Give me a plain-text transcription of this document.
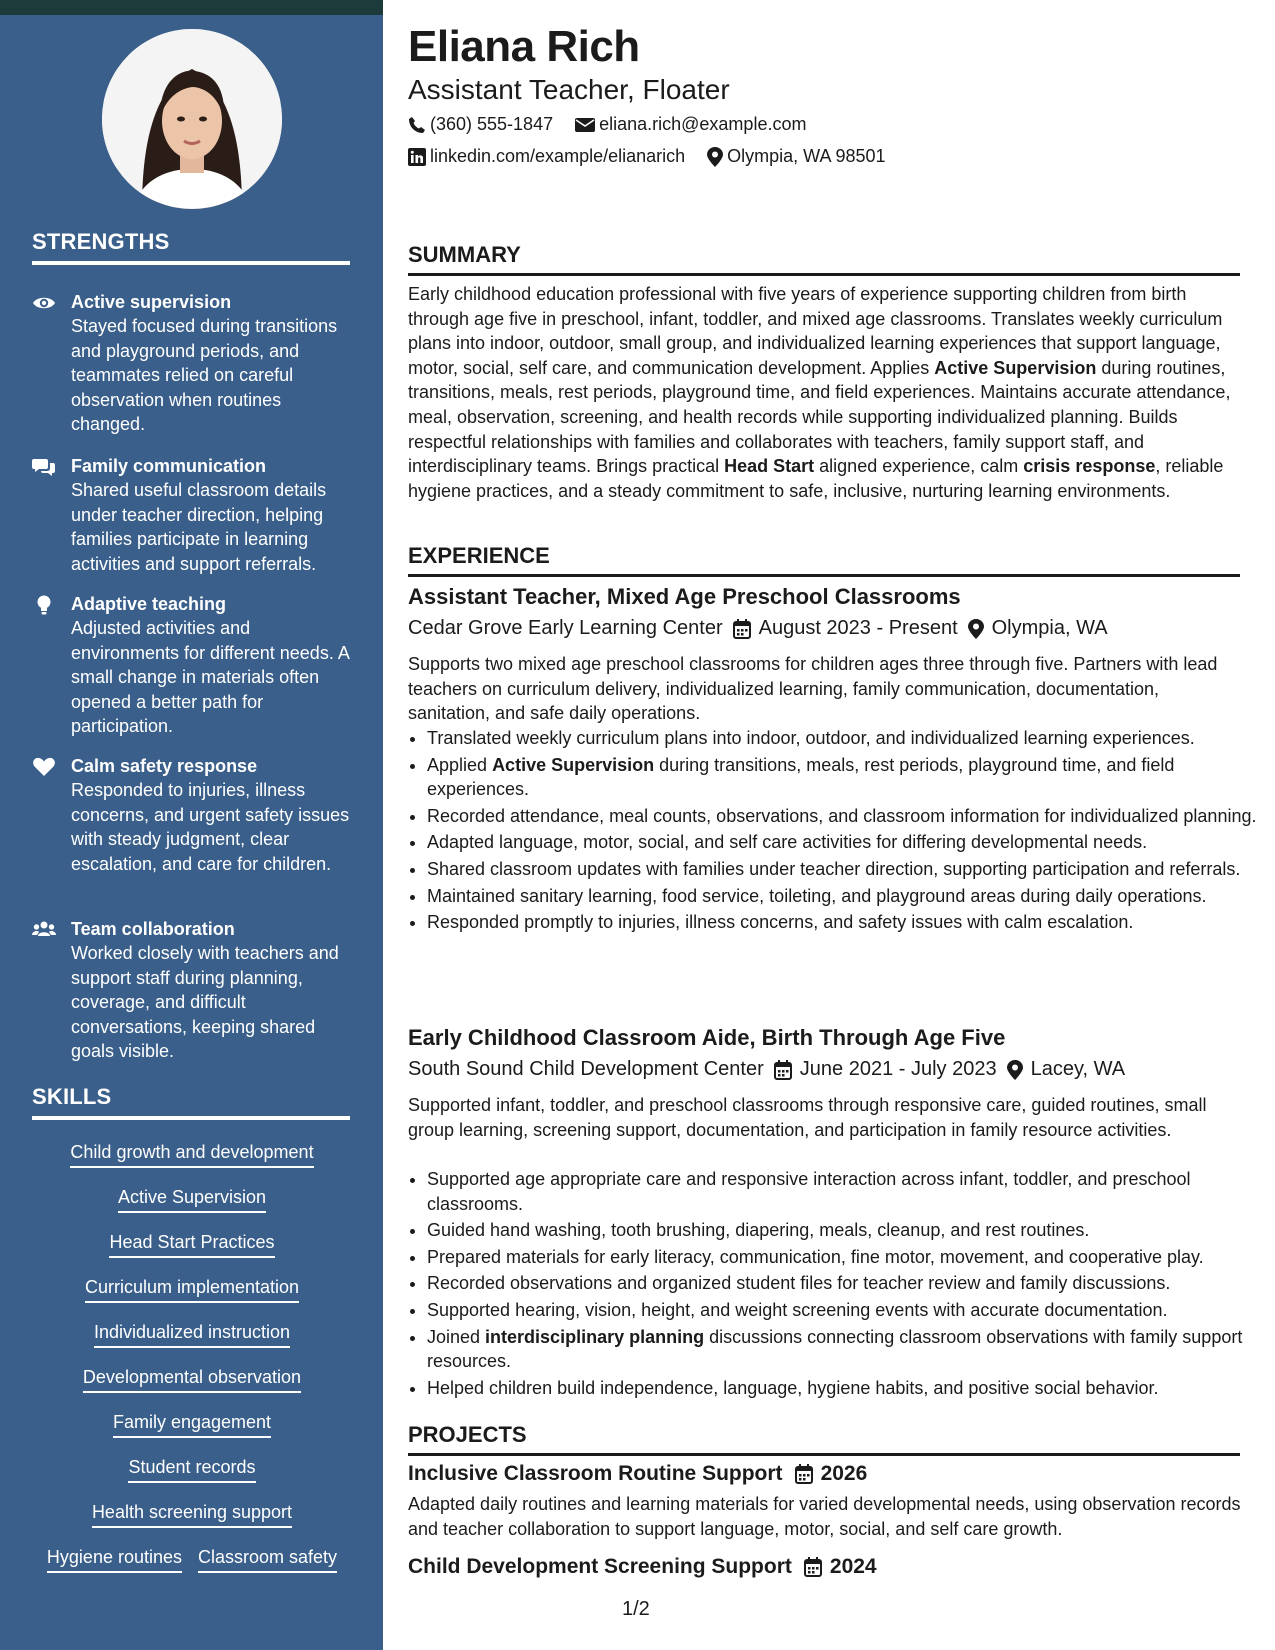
STRENGTHS
Active supervision
Stayed focused during transitions and playground periods, and teammates relied on careful observation when routines changed.
Family communication
Shared useful classroom details under teacher direction, helping families participate in learning activities and support referrals.
Adaptive teaching
Adjusted activities and environments for different needs. A small change in materials often opened a better path for participation.
Calm safety response
Responded to injuries, illness concerns, and urgent safety issues with steady judgment, clear escalation, and care for children.
Team collaboration
Worked closely with teachers and support staff during planning, coverage, and difficult conversations, keeping shared goals visible.
SKILLS
Child growth and development
Active Supervision
Head Start Practices
Curriculum implementation
Individualized instruction
Developmental observation
Family engagement
Student records
Health screening support
Hygiene routines Classroom safety
Eliana Rich
Assistant Teacher, Floater
(360) 555-1847	eliana.rich@example.com
linkedin.com/example/elianarich Olympia, WA 98501
SUMMARY
Early childhood education professional with five years of experience supporting children from birth through age five in preschool, infant, toddler, and mixed age classrooms. Translates weekly curriculum plans into indoor, outdoor, small group, and individualized learning experiences that support language, motor, social, self care, and communication development. Applies Active Supervision during routines, transitions, meals, rest periods, playground time, and field experiences. Maintains accurate attendance, meal, observation, screening, and health records while supporting individualized planning. Builds respectful relationships with families and collaborates with teachers, family support staff, and interdisciplinary teams. Brings practical Head Start aligned experience, calm crisis response, reliable hygiene practices, and a steady commitment to safe, inclusive, nurturing learning environments.
EXPERIENCE
Assistant Teacher, Mixed Age Preschool Classrooms
Cedar Grove Early Learning Center August 2023 - Present Olympia, WA
Supports two mixed age preschool classrooms for children ages three through five. Partners with lead teachers on curriculum delivery, individualized learning, family communication, documentation, sanitation, and safe daily operations.
• Translated weekly curriculum plans into indoor, outdoor, and individualized learning experiences.
• Applied Active Supervision during transitions, meals, rest periods, playground time, and field experiences.
• Recorded attendance, meal counts, observations, and classroom information for individualized planning.
• Adapted language, motor, social, and self care activities for differing developmental needs.
• Shared classroom updates with families under teacher direction, supporting participation and referrals.
• Maintained sanitary learning, food service, toileting, and playground areas during daily operations.
• Responded promptly to injuries, illness concerns, and safety issues with calm escalation.
Early Childhood Classroom Aide, Birth Through Age Five
South Sound Child Development Center June 2021 - July 2023 Lacey, WA
Supported infant, toddler, and preschool classrooms through responsive care, guided routines, small group learning, screening support, documentation, and participation in family resource activities.
• Supported age appropriate care and responsive interaction across infant, toddler, and preschool classrooms.
• Guided hand washing, tooth brushing, diapering, meals, cleanup, and rest routines.
• Prepared materials for early literacy, communication, fine motor, movement, and cooperative play.
• Recorded observations and organized student files for teacher review and family discussions.
• Supported hearing, vision, height, and weight screening events with accurate documentation.
• Joined interdisciplinary planning discussions connecting classroom observations with family support resources.
• Helped children build independence, language, hygiene habits, and positive social behavior.
PROJECTS
Inclusive Classroom Routine Support 2026
Adapted daily routines and learning materials for varied developmental needs, using observation records and teacher collaboration to support language, motor, social, and self care growth.
Child Development Screening Support 2024
1/2
